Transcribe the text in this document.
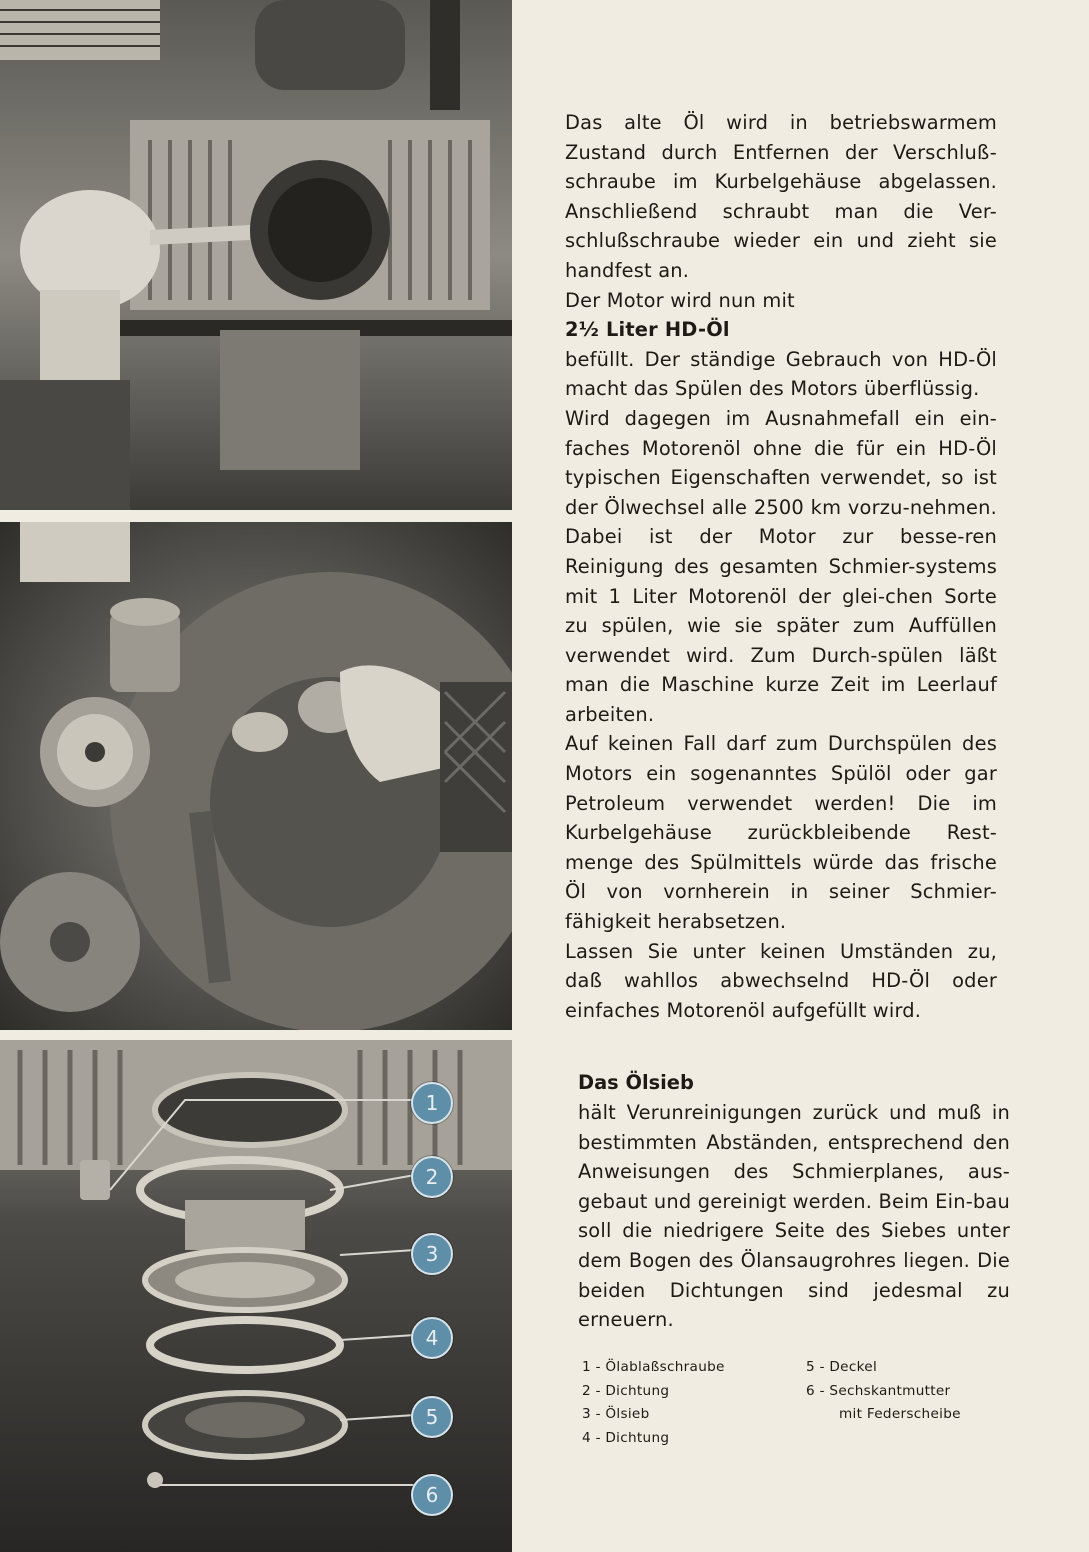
1
2
3
4
5
6

Das alte Öl wird in betriebswarmem Zustand durch Entfernen der Verschluß-schraube im Kurbelgehäuse abgelassen. Anschließend schraubt man die Ver-schlußschraube wieder ein und zieht sie handfest an.

Der Motor wird nun mit

2½ Liter HD-Öl

befüllt. Der ständige Gebrauch von HD-Öl macht das Spülen des Motors überflüssig.

Wird dagegen im Ausnahmefall ein ein-faches Motorenöl ohne die für ein HD-Öl typischen Eigenschaften verwendet, so ist der Ölwechsel alle 2500 km vorzu-nehmen. Dabei ist der Motor zur besse-ren Reinigung des gesamten Schmier-systems mit 1 Liter Motorenöl der glei-chen Sorte zu spülen, wie sie später zum Auffüllen verwendet wird. Zum Durch-spülen läßt man die Maschine kurze Zeit im Leerlauf arbeiten.

Auf keinen Fall darf zum Durchspülen des Motors ein sogenanntes Spülöl oder gar Petroleum verwendet werden! Die im Kurbelgehäuse zurückbleibende Rest-menge des Spülmittels würde das frische Öl von vornherein in seiner Schmier-fähigkeit herabsetzen.

Lassen Sie unter keinen Umständen zu, daß wahllos abwechselnd HD-Öl oder einfaches Motorenöl aufgefüllt wird.

Das Ölsieb

hält Verunreinigungen zurück und muß in bestimmten Abständen, entsprechend den Anweisungen des Schmierplanes, aus-gebaut und gereinigt werden. Beim Ein-bau soll die niedrigere Seite des Siebes unter dem Bogen des Ölansaugrohres liegen. Die beiden Dichtungen sind jedesmal zu erneuern.

1 - Ölablaßschraube
2 - Dichtung
3 - Ölsieb
4 - Dichtung
5 - Deckel
6 - Sechskantmutter
mit Federscheibe
